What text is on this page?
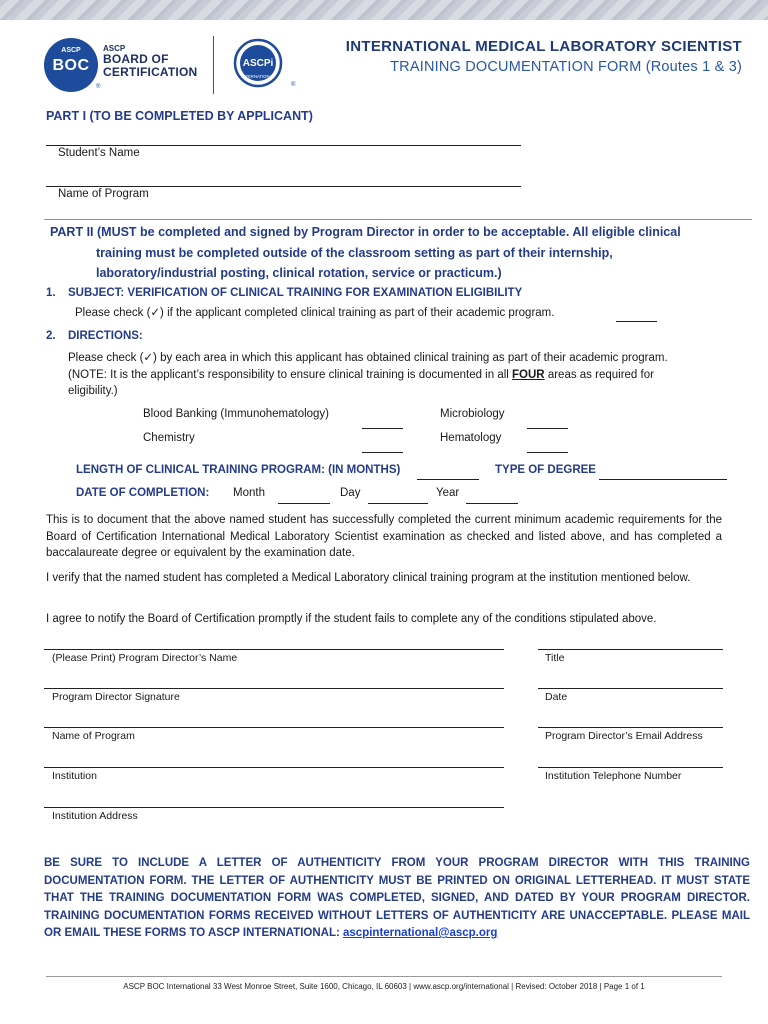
ASCP
BOC
®
ASCP
BOARD OF
CERTIFICATION
ASCPi
INTERNATIONAL
®
INTERNATIONAL MEDICAL LABORATORY SCIENTIST
TRAINING DOCUMENTATION FORM (Routes 1 & 3)
PART I (TO BE COMPLETED BY APPLICANT)
Student’s Name
Name of Program
PART II (MUST be completed and signed by Program Director in order to be acceptable. All eligible clinical
training must be completed outside of the classroom setting as part of their internship,
laboratory/industrial posting, clinical rotation, service or practicum.)
1. SUBJECT: VERIFICATION OF CLINICAL TRAINING FOR EXAMINATION ELIGIBILITY
Please check (✓) if the applicant completed clinical training as part of their academic program.
2. DIRECTIONS:
Please check (✓) by each area in which this applicant has obtained clinical training as part of their academic program.
(NOTE: It is the applicant’s responsibility to ensure clinical training is documented in all FOUR areas as required for
eligibility.)
Blood Banking (Immunohematology)	Microbiology
Chemistry	Hematology
LENGTH OF CLINICAL TRAINING PROGRAM: (IN MONTHS)	TYPE OF DEGREE
DATE OF COMPLETION: Month	Day	Year
This is to document that the above named student has successfully completed the current minimum academic requirements for the Board of Certification International Medical Laboratory Scientist examination as checked and listed above, and has completed a baccalaureate degree or equivalent by the examination date.
I verify that the named student has completed a Medical Laboratory clinical training program at the institution mentioned below.
I agree to notify the Board of Certification promptly if the student fails to complete any of the conditions stipulated above.
(Please Print) Program Director’s Name	Title
Program Director Signature	Date
Name of Program	Program Director’s Email Address
Institution	Institution Telephone Number
Institution Address
BE SURE TO INCLUDE A LETTER OF AUTHENTICITY FROM YOUR PROGRAM DIRECTOR WITH THIS TRAINING DOCUMENTATION FORM. THE LETTER OF AUTHENTICITY MUST BE PRINTED ON ORIGINAL LETTERHEAD. IT MUST STATE THAT THE TRAINING DOCUMENTATION FORM WAS COMPLETED, SIGNED, AND DATED BY YOUR PROGRAM DIRECTOR. TRAINING DOCUMENTATION FORMS RECEIVED WITHOUT LETTERS OF AUTHENTICITY ARE UNACCEPTABLE. PLEASE MAIL OR EMAIL THESE FORMS TO ASCP INTERNATIONAL: ascpinternational@ascp.org
ASCP BOC International 33 West Monroe Street, Suite 1600, Chicago, IL 60603 | www.ascp.org/international | Revised: October 2018 | Page 1 of 1
